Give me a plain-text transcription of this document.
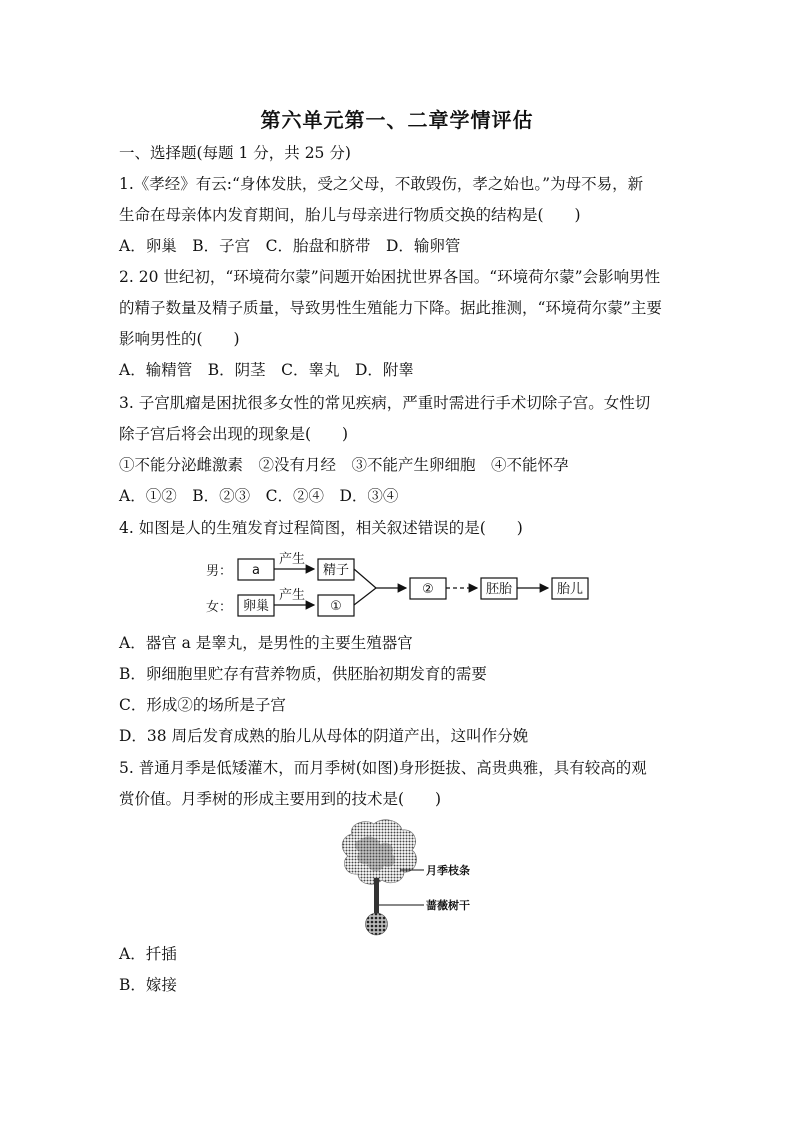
第六单元第一、二章学情评估
一、选择题(每题 1 分，共 25 分)
1.《孝经》有云:“身体发肤，受之父母，不敢毁伤，孝之始也。”为母不易，新
生命在母亲体内发育期间，胎儿与母亲进行物质交换的结构是(　　)
A．卵巢　B．子宫　C．胎盘和脐带　D．输卵管
2. 20 世纪初，“环境荷尔蒙”问题开始困扰世界各国。“环境荷尔蒙”会影响男性
的精子数量及精子质量，导致男性生殖能力下降。据此推测，“环境荷尔蒙”主要
影响男性的(　　)
A．输精管　B．阴茎　C．睾丸　D．附睾
3. 子宫肌瘤是困扰很多女性的常见疾病，严重时需进行手术切除子宫。女性切
除子宫后将会出现的现象是(　　)
①不能分泌雌激素　②没有月经　③不能产生卵细胞　④不能怀孕
A．①②　B．②③　C．②④　D．③④
4. 如图是人的生殖发育过程简图，相关叙述错误的是(　　)
男：
女：
a
卵巢
产生
产生
精子
①
②	胚胎	胎儿
A．器官 a 是睾丸，是男性的主要生殖器官
B．卵细胞里贮存有营养物质，供胚胎初期发育的需要
C．形成②的场所是子宫
D．38 周后发育成熟的胎儿从母体的阴道产出，这叫作分娩
5. 普通月季是低矮灌木，而月季树(如图)身形挺拔、高贵典雅，具有较高的观
赏价值。月季树的形成主要用到的技术是(　　)
月季枝条
蔷薇树干
A．扦插
B．嫁接
